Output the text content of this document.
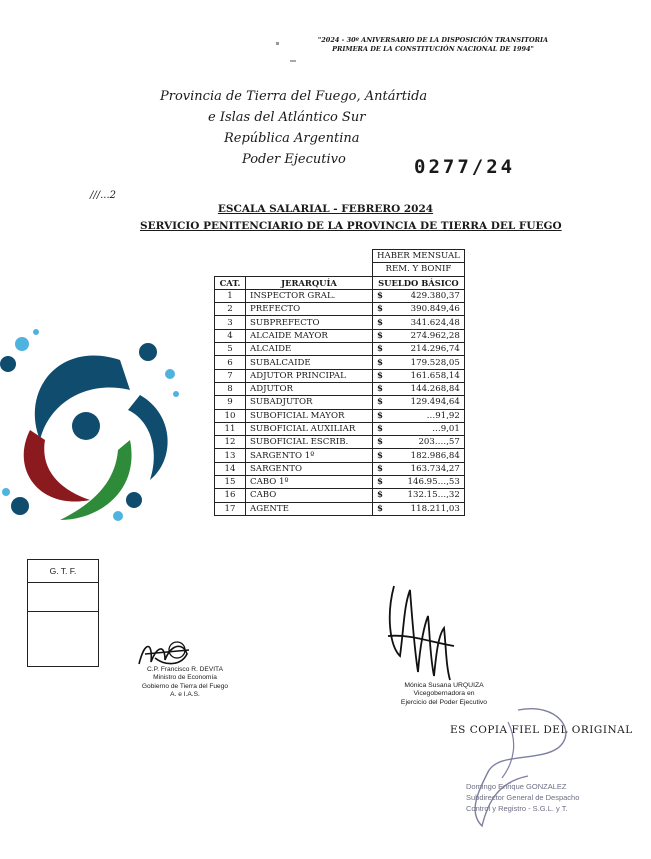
"2024 - 30º ANIVERSARIO DE LA DISPOSICIÓN TRANSITORIA
PRIMERA DE LA CONSTITUCIÓN NACIONAL DE 1994"
Provincia de Tierra del Fuego, Antártida
e Islas del Atlántico Sur
República Argentina
Poder Ejecutivo	0277/24
///...2
ESCALA SALARIAL - FEBRERO 2024
SERVICIO PENITENCIARIO DE LA PROVINCIA DE TIERRA DEL FUEGO
		HABER MENSUAL	
		REM. Y BONIF	
CAT.	JERARQUÍA	SUELDO BÁSICO	
1	INSPECTOR GRAL.	$	429.380,37
2	PREFECTO	$	390.849,46
3	SUBPREFECTO	$	341.624,48
4	ALCAIDE MAYOR	$	274.962,28
5	ALCAIDE	$	214.296,74
6	SUBALCAIDE	$	179.528,05
7	ADJUTOR PRINCIPAL	$	161.658,14
8	ADJUTOR	$	144.268,84
9	SUBADJUTOR	$	129.494,64
10	SUBOFICIAL MAYOR	$	…91,92
11	SUBOFICIAL AUXILIAR	$	…9,01
12	SUBOFICIAL ESCRIB.	$	203.…,57
13	SARGENTO 1º	$	182.986,84
14	SARGENTO	$	163.734,27
15	CABO 1º	$	146.95…,53
16	CABO	$	132.15…,32
17	AGENTE	$	118.211,03
G. T. F.
C.P. Francisco R. DEVITA
Ministro de Economía
Gobierno de Tierra del Fuego
A. e I.A.S.
Mónica Susana URQUIZA
Vicegobernadora en
Ejercicio del Poder Ejecutivo
ES COPIA FIEL DEL ORIGINAL
Domingo Enrique GONZALEZ
Subdirector General de Despacho
Control y Registro - S.G.L. y T.
